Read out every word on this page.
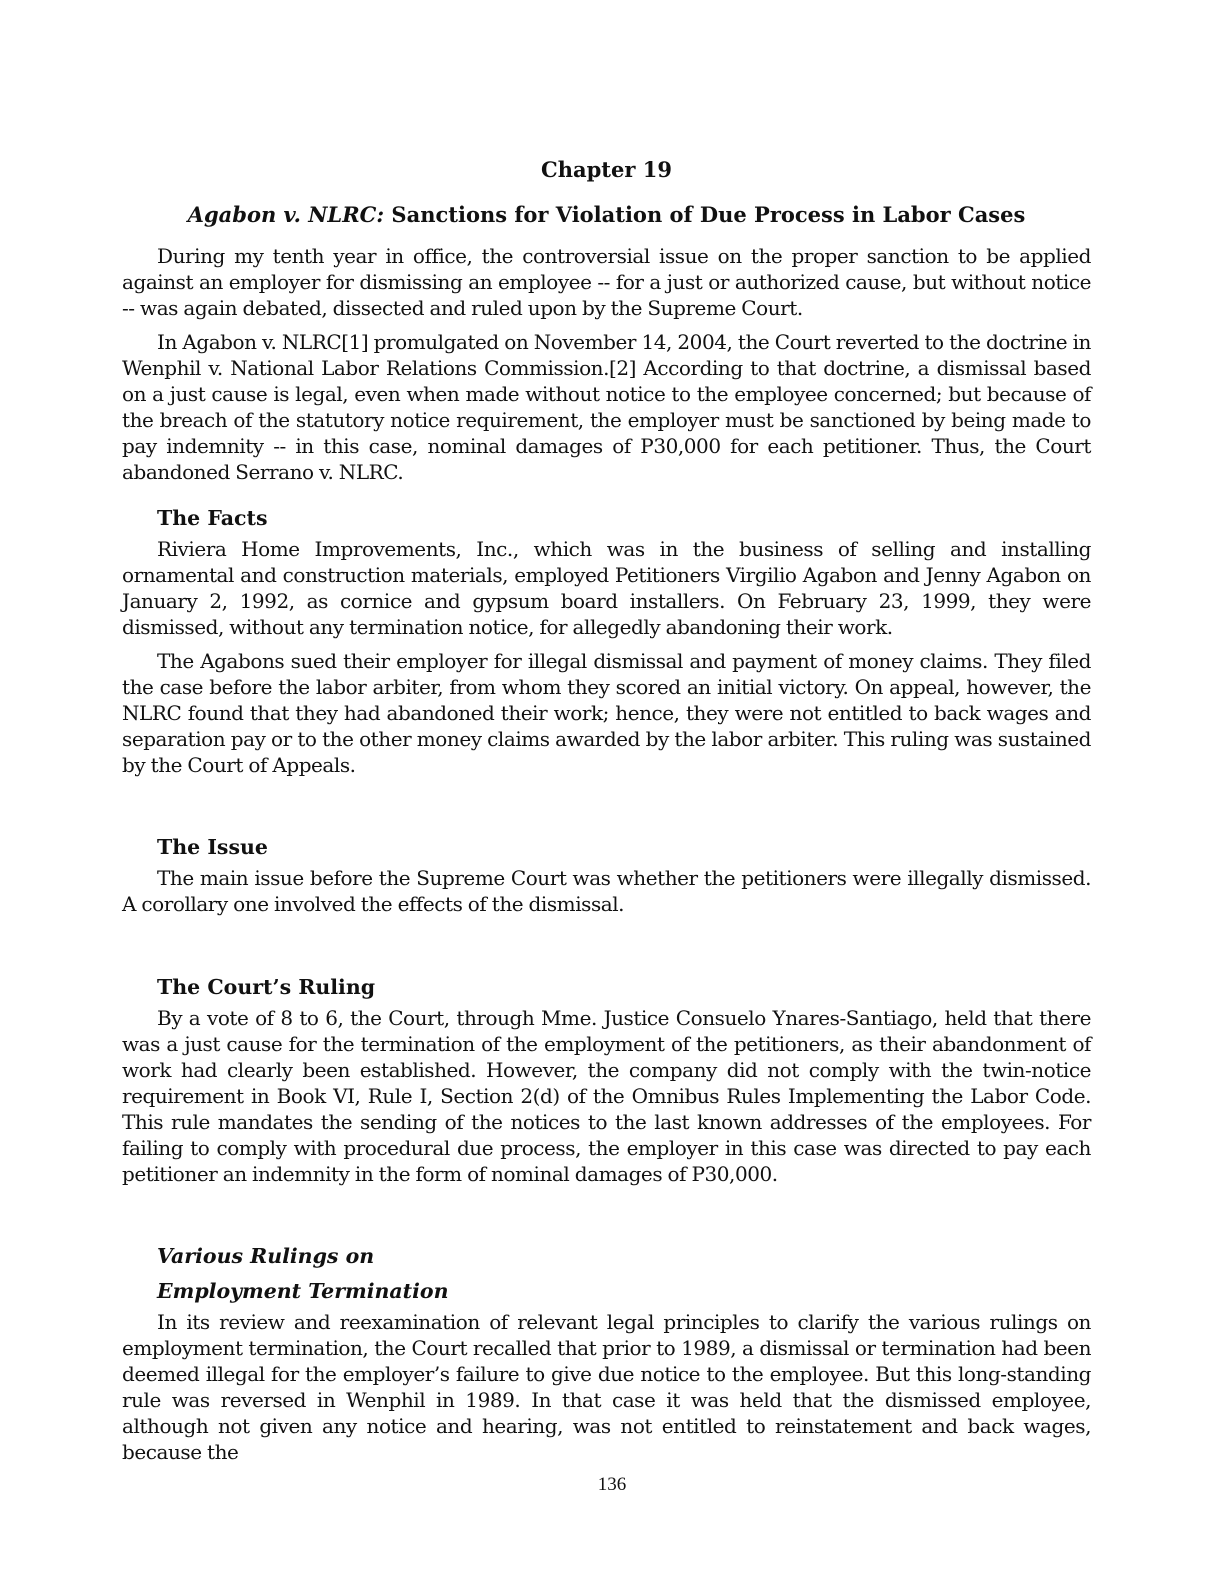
Chapter 19
Agabon v. NLRC: Sanctions for Violation of Due Process in Labor Cases

During my tenth year in office, the controversial issue on the proper sanction to be applied against an employer for dismissing an employee -- for a just or authorized cause, but without notice -- was again debated, dissected and ruled upon by the Supreme Court.

In Agabon v. NLRC[1] promulgated on November 14, 2004, the Court reverted to the doctrine in Wenphil v. National Labor Relations Commission.[2] According to that doctrine, a dismissal based on a just cause is legal, even when made without notice to the employee concerned; but because of the breach of the statutory notice requirement, the employer must be sanctioned by being made to pay indemnity -- in this case, nominal damages of P30,000 for each petitioner. Thus, the Court abandoned Serrano v. NLRC.

The Facts

Riviera Home Improvements, Inc., which was in the business of selling and installing ornamental and construction materials, employed Petitioners Virgilio Agabon and Jenny Agabon on January 2, 1992, as cornice and gypsum board installers. On February 23, 1999, they were dismissed, without any termination notice, for allegedly abandoning their work.

The Agabons sued their employer for illegal dismissal and payment of money claims. They filed the case before the labor arbiter, from whom they scored an initial victory. On appeal, however, the NLRC found that they had abandoned their work; hence, they were not entitled to back wages and separation pay or to the other money claims awarded by the labor arbiter. This ruling was sustained by the Court of Appeals.

The Issue

The main issue before the Supreme Court was whether the petitioners were illegally dismissed. A corollary one involved the effects of the dismissal.

The Court’s Ruling

By a vote of 8 to 6, the Court, through Mme. Justice Consuelo Ynares-Santiago, held that there was a just cause for the termination of the employment of the petitioners, as their abandonment of work had clearly been established. However, the company did not comply with the twin-notice requirement in Book VI, Rule I, Section 2(d) of the Omnibus Rules Implementing the Labor Code. This rule mandates the sending of the notices to the last known addresses of the employees. For failing to comply with procedural due process, the employer in this case was directed to pay each petitioner an indemnity in the form of nominal damages of P30,000.

Various Rulings on
Employment Termination

In its review and reexamination of relevant legal principles to clarify the various rulings on employment termination, the Court recalled that prior to 1989, a dismissal or termination had been deemed illegal for the employer’s failure to give due notice to the employee. But this long-standing rule was reversed in Wenphil in 1989. In that case it was held that the dismissed employee, although not given any notice and hearing, was not entitled to reinstatement and back wages, because the

136
